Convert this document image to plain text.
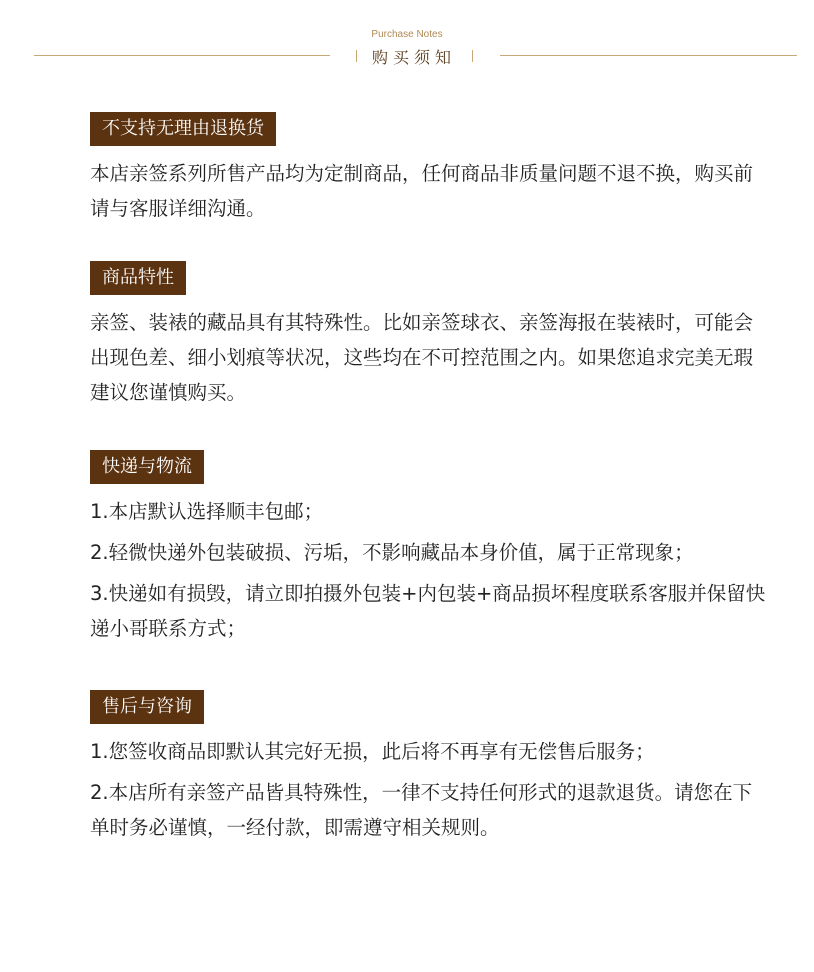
Purchase Notes
购买须知
不支持无理由退换货

本店亲签系列所售产品均为定制商品，任何商品非质量问题不退不换，购买前请与客服详细沟通。

商品特性

亲签、装裱的藏品具有其特殊性。比如亲签球衣、亲签海报在装裱时，可能会出现色差、细小划痕等状况，这些均在不可控范围之内。如果您追求完美无瑕建议您谨慎购买。

快递与物流

1.本店默认选择顺丰包邮；

2.轻微快递外包装破损、污垢，不影响藏品本身价值，属于正常现象；

3.快递如有损毁，请立即拍摄外包装+内包装+商品损坏程度联系客服并保留快递小哥联系方式；

售后与咨询

1.您签收商品即默认其完好无损，此后将不再享有无偿售后服务；

2.本店所有亲签产品皆具特殊性，一律不支持任何形式的退款退货。请您在下单时务必谨慎，一经付款，即需遵守相关规则。
